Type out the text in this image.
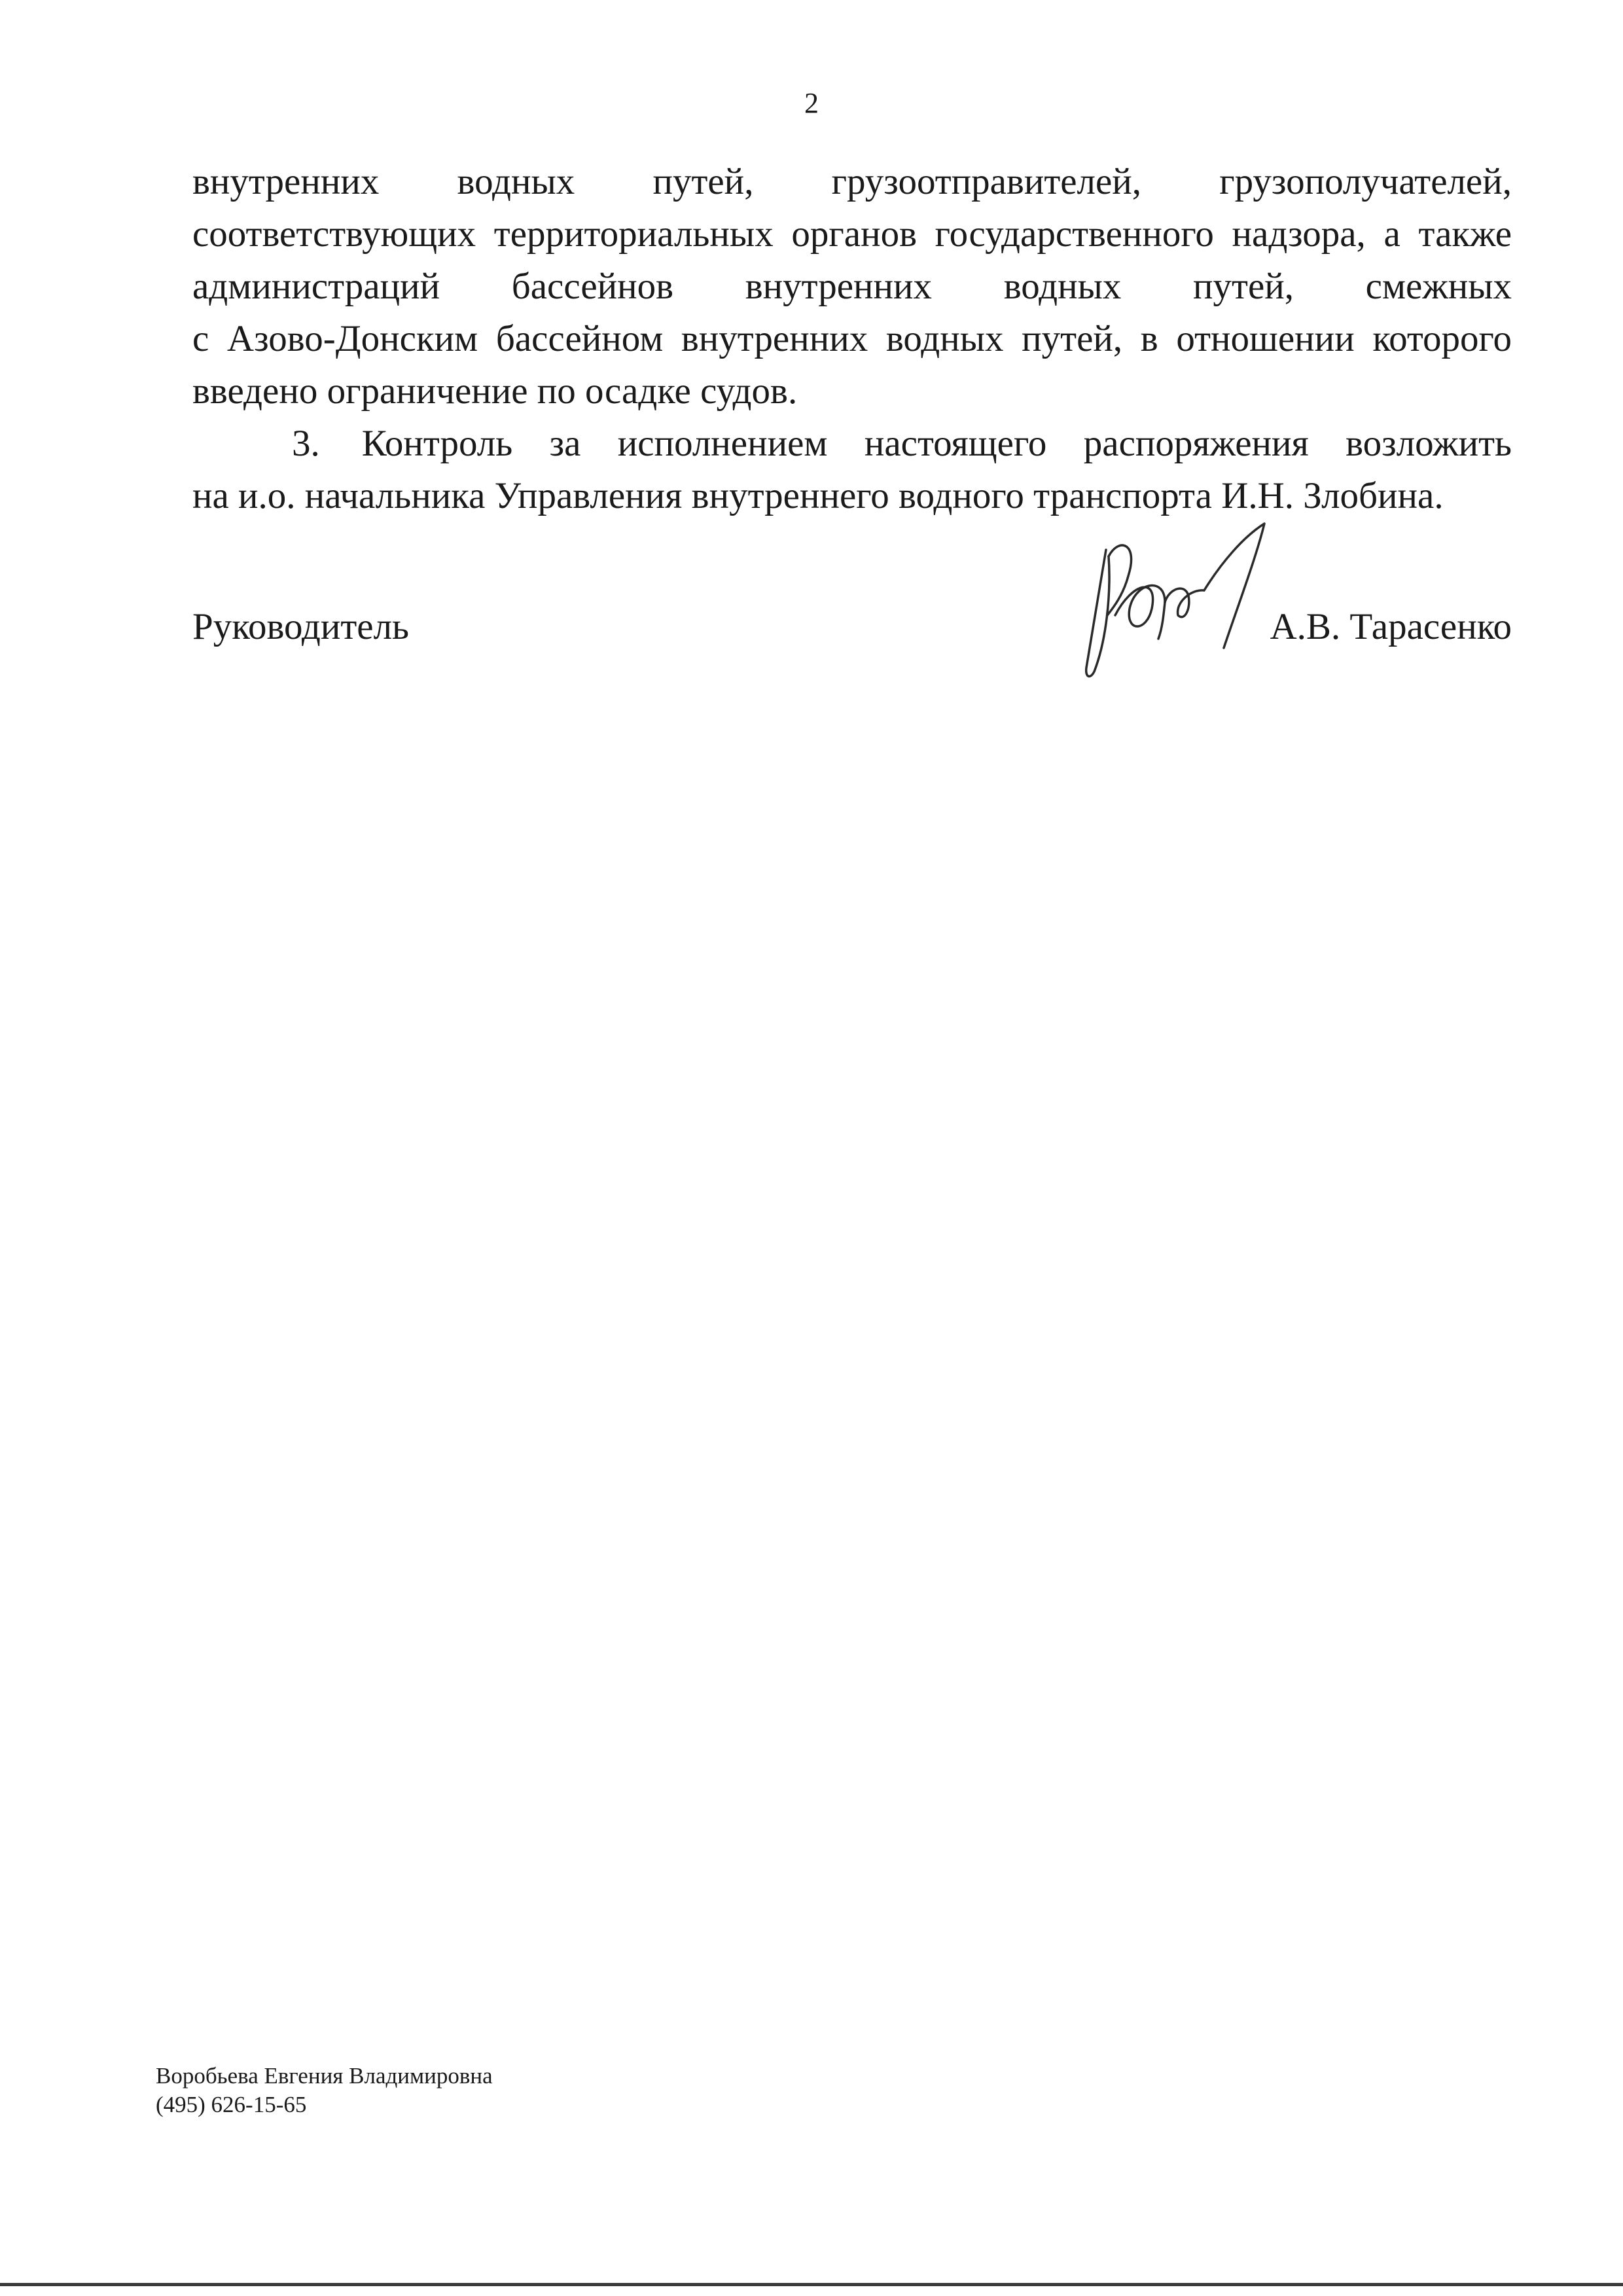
2
внутренних водных путей, грузоотправителей, грузополучателей,
соответствующих территориальных органов государственного надзора, а также
администраций бассейнов внутренних водных путей, смежных
с Азово-Донским бассейном внутренних водных путей, в отношении которого
введено ограничение по осадке судов.
3. Контроль за исполнением настоящего распоряжения возложить
на и.о. начальника Управления внутреннего водного транспорта И.Н. Злобина.
Руководитель	А.В. Тарасенко
Воробьева Евгения Владимировна
(495) 626-15-65
